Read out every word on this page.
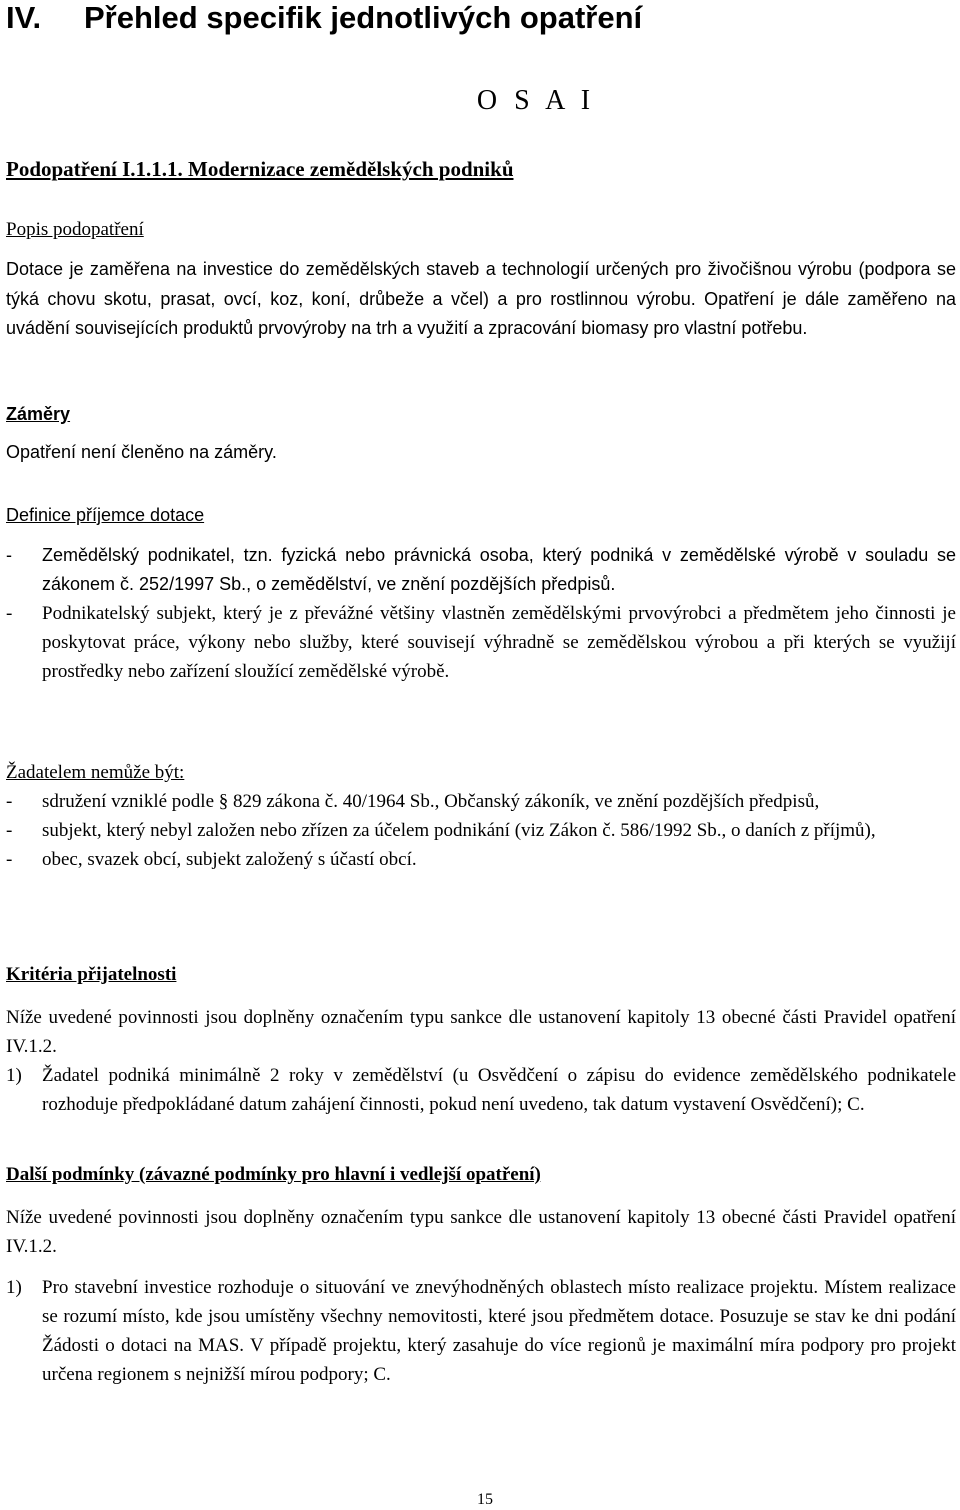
IV. Přehled specifik jednotlivých opatření
O S A I
Podopatření I.1.1.1. Modernizace zemědělských podniků
Popis podopatření
Dotace je zaměřena na investice do zemědělských staveb a technologií určených pro živočišnou výrobu (podpora se týká chovu skotu, prasat, ovcí, koz, koní, drůbeže a včel) a pro rostlinnou výrobu. Opatření je dále zaměřeno na uvádění souvisejících produktů prvovýroby na trh a využití a zpracování biomasy pro vlastní potřebu.
Záměry
Opatření není členěno na záměry.
Definice příjemce dotace
- Zemědělský podnikatel, tzn. fyzická nebo právnická osoba, který podniká v zemědělské výrobě v souladu se zákonem č. 252/1997 Sb., o zemědělství, ve znění pozdějších předpisů.
- Podnikatelský subjekt, který je z převážné většiny vlastněn zemědělskými prvovýrobci a předmětem jeho činnosti je poskytovat práce, výkony nebo služby, které souvisejí výhradně se zemědělskou výrobou a při kterých se využijí prostředky nebo zařízení sloužící zemědělské výrobě.
Žadatelem nemůže být:
- sdružení vzniklé podle § 829 zákona č. 40/1964 Sb., Občanský zákoník, ve znění pozdějších předpisů,
- subjekt, který nebyl založen nebo zřízen za účelem podnikání (viz Zákon č. 586/1992 Sb., o daních z příjmů),
- obec, svazek obcí, subjekt založený s účastí obcí.
Kritéria přijatelnosti
Níže uvedené povinnosti jsou doplněny označením typu sankce dle ustanovení kapitoly 13 obecné části Pravidel opatření IV.1.2.
1) Žadatel podniká minimálně 2 roky v zemědělství (u Osvědčení o zápisu do evidence zemědělského podnikatele rozhoduje předpokládané datum zahájení činnosti, pokud není uvedeno, tak datum vystavení Osvědčení); C.
Další podmínky (závazné podmínky pro hlavní i vedlejší opatření)
Níže uvedené povinnosti jsou doplněny označením typu sankce dle ustanovení kapitoly 13 obecné části Pravidel opatření IV.1.2.
1) Pro stavební investice rozhoduje o situování ve znevýhodněných oblastech místo realizace projektu. Místem realizace se rozumí místo, kde jsou umístěny všechny nemovitosti, které jsou předmětem dotace. Posuzuje se stav ke dni podání Žádosti o dotaci na MAS. V případě projektu, který zasahuje do více regionů je maximální míra podpory pro projekt určena regionem s nejnižší mírou podpory; C.
15
